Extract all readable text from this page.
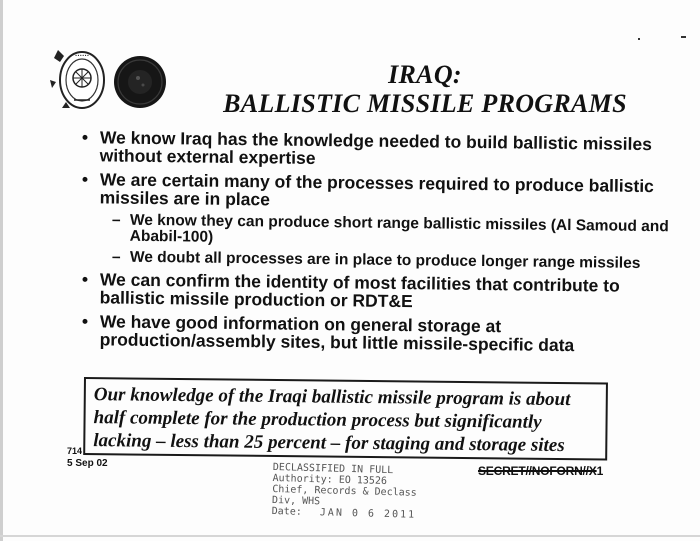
••••••
IRAQ:
BALLISTIC MISSILE PROGRAMS
• We know Iraq has the knowledge needed to build ballistic missiles without external expertise
• We are certain many of the processes required to produce ballistic missiles are in place
– We know they can produce short range ballistic missiles (Al Samoud and Ababil-100)
– We doubt all processes are in place to produce longer range missiles
• We can confirm the identity of most facilities that contribute to ballistic missile production or RDT&E
• We have good information on general storage at production/assembly sites, but little missile-specific data
Our knowledge of the Iraqi ballistic missile program is about half complete for the production process but significantly lacking – less than 25 percent – for staging and storage sites
714
5 Sep 02	DECLASSIFIED IN FULL
Authority: EO 13526
Chief, Records & Declass Div, WHS
Date: JAN 0 6 2011
SECRET//NOFORN//X1
